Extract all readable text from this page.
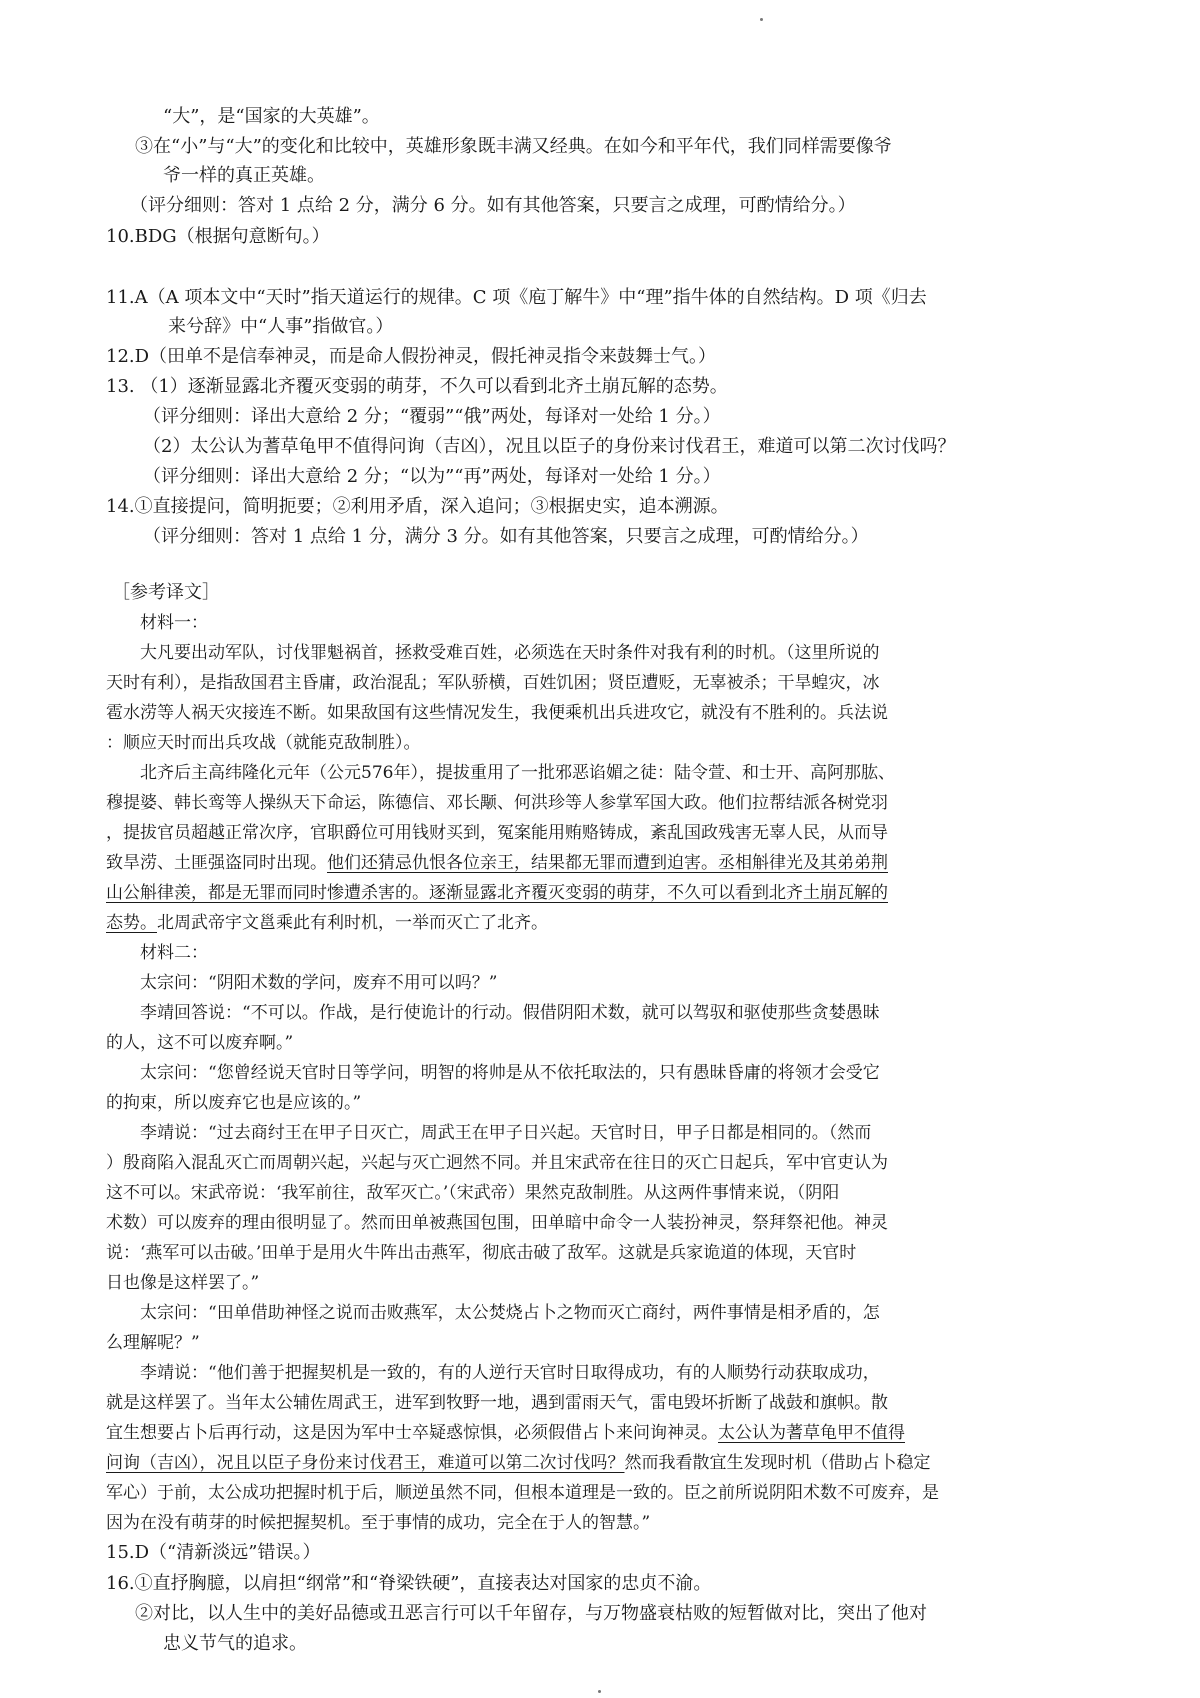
“大”，是“国家的大英雄”。
③在“小”与“大”的变化和比较中，英雄形象既丰满又经典。在如今和平年代，我们同样需要像爷
爷一样的真正英雄。
（评分细则：答对 1 点给 2 分，满分 6 分。如有其他答案，只要言之成理，可酌情给分。）
10.BDG（根据句意断句。）
11.A（A 项本文中“天时”指天道运行的规律。C 项《庖丁解牛》中“理”指牛体的自然结构。D 项《归去
来兮辞》中“人事”指做官。）
12.D（田单不是信奉神灵，而是命人假扮神灵，假托神灵指令来鼓舞士气。）
13. （1）逐渐显露北齐覆灭变弱的萌芽，不久可以看到北齐土崩瓦解的态势。
（评分细则：译出大意给 2 分；“覆弱”“俄”两处，每译对一处给 1 分。）
（2）太公认为蓍草龟甲不值得问询（吉凶），况且以臣子的身份来讨伐君王，难道可以第二次讨伐吗？
（评分细则：译出大意给 2 分；“以为”“再”两处，每译对一处给 1 分。）
14.①直接提问，简明扼要；②利用矛盾，深入追问；③根据史实，追本溯源。
（评分细则：答对 1 点给 1 分，满分 3 分。如有其他答案，只要言之成理，可酌情给分。）
［参考译文］
材料一：
大凡要出动军队，讨伐罪魁祸首，拯救受难百姓，必须选在天时条件对我有利的时机。（这里所说的
天时有利），是指敌国君主昏庸，政治混乱；军队骄横，百姓饥困；贤臣遭贬，无辜被杀；干旱蝗灾，冰
雹水涝等人祸天灾接连不断。如果敌国有这些情况发生，我便乘机出兵进攻它，就没有不胜利的。兵法说
：顺应天时而出兵攻战（就能克敌制胜）。
北齐后主高纬隆化元年（公元576年），提拔重用了一批邪恶谄媚之徒：陆令萱、和士开、高阿那肱、
穆提婆、韩长鸾等人操纵天下命运，陈德信、邓长颙、何洪珍等人参掌军国大政。他们拉帮结派各树党羽
，提拔官员超越正常次序，官职爵位可用钱财买到，冤案能用贿赂铸成，紊乱国政残害无辜人民，从而导
致旱涝、土匪强盗同时出现。他们还猜忌仇恨各位亲王，结果都无罪而遭到迫害。丞相斛律光及其弟弟荆
山公斛律羡，都是无罪而同时惨遭杀害的。逐渐显露北齐覆灭变弱的萌芽，不久可以看到北齐土崩瓦解的
态势。北周武帝宇文邕乘此有利时机，一举而灭亡了北齐。
材料二：
太宗问：“阴阳术数的学问，废弃不用可以吗？”
李靖回答说：“不可以。作战，是行使诡计的行动。假借阴阳术数，就可以驾驭和驱使那些贪婪愚昧
的人，这不可以废弃啊。”
太宗问：“您曾经说天官时日等学问，明智的将帅是从不依托取法的，只有愚昧昏庸的将领才会受它
的拘束，所以废弃它也是应该的。”
李靖说：“过去商纣王在甲子日灭亡，周武王在甲子日兴起。天官时日，甲子日都是相同的。（然而
）殷商陷入混乱灭亡而周朝兴起，兴起与灭亡迥然不同。并且宋武帝在往日的灭亡日起兵，军中官吏认为
这不可以。宋武帝说：‘我军前往，敌军灭亡。’（宋武帝）果然克敌制胜。从这两件事情来说，（阴阳
术数）可以废弃的理由很明显了。然而田单被燕国包围，田单暗中命令一人装扮神灵，祭拜祭祀他。神灵
说：‘燕军可以击破。’田单于是用火牛阵出击燕军，彻底击破了敌军。这就是兵家诡道的体现，天官时
日也像是这样罢了。”
太宗问：“田单借助神怪之说而击败燕军，太公焚烧占卜之物而灭亡商纣，两件事情是相矛盾的，怎
么理解呢？”
李靖说：“他们善于把握契机是一致的，有的人逆行天官时日取得成功，有的人顺势行动获取成功，
就是这样罢了。当年太公辅佐周武王，进军到牧野一地，遇到雷雨天气，雷电毁坏折断了战鼓和旗帜。散
宜生想要占卜后再行动，这是因为军中士卒疑惑惊惧，必须假借占卜来问询神灵。太公认为蓍草龟甲不值得
问询（吉凶），况且以臣子身份来讨伐君王，难道可以第二次讨伐吗？然而我看散宜生发现时机（借助占卜稳定
军心）于前，太公成功把握时机于后，顺逆虽然不同，但根本道理是一致的。臣之前所说阴阳术数不可废弃，是
因为在没有萌芽的时候把握契机。至于事情的成功，完全在于人的智慧。”
15.D（“清新淡远”错误。）
16.①直抒胸臆，以肩担“纲常”和“脊梁铁硬”，直接表达对国家的忠贞不渝。
②对比，以人生中的美好品德或丑恶言行可以千年留存，与万物盛衰枯败的短暂做对比，突出了他对
忠义节气的追求。
